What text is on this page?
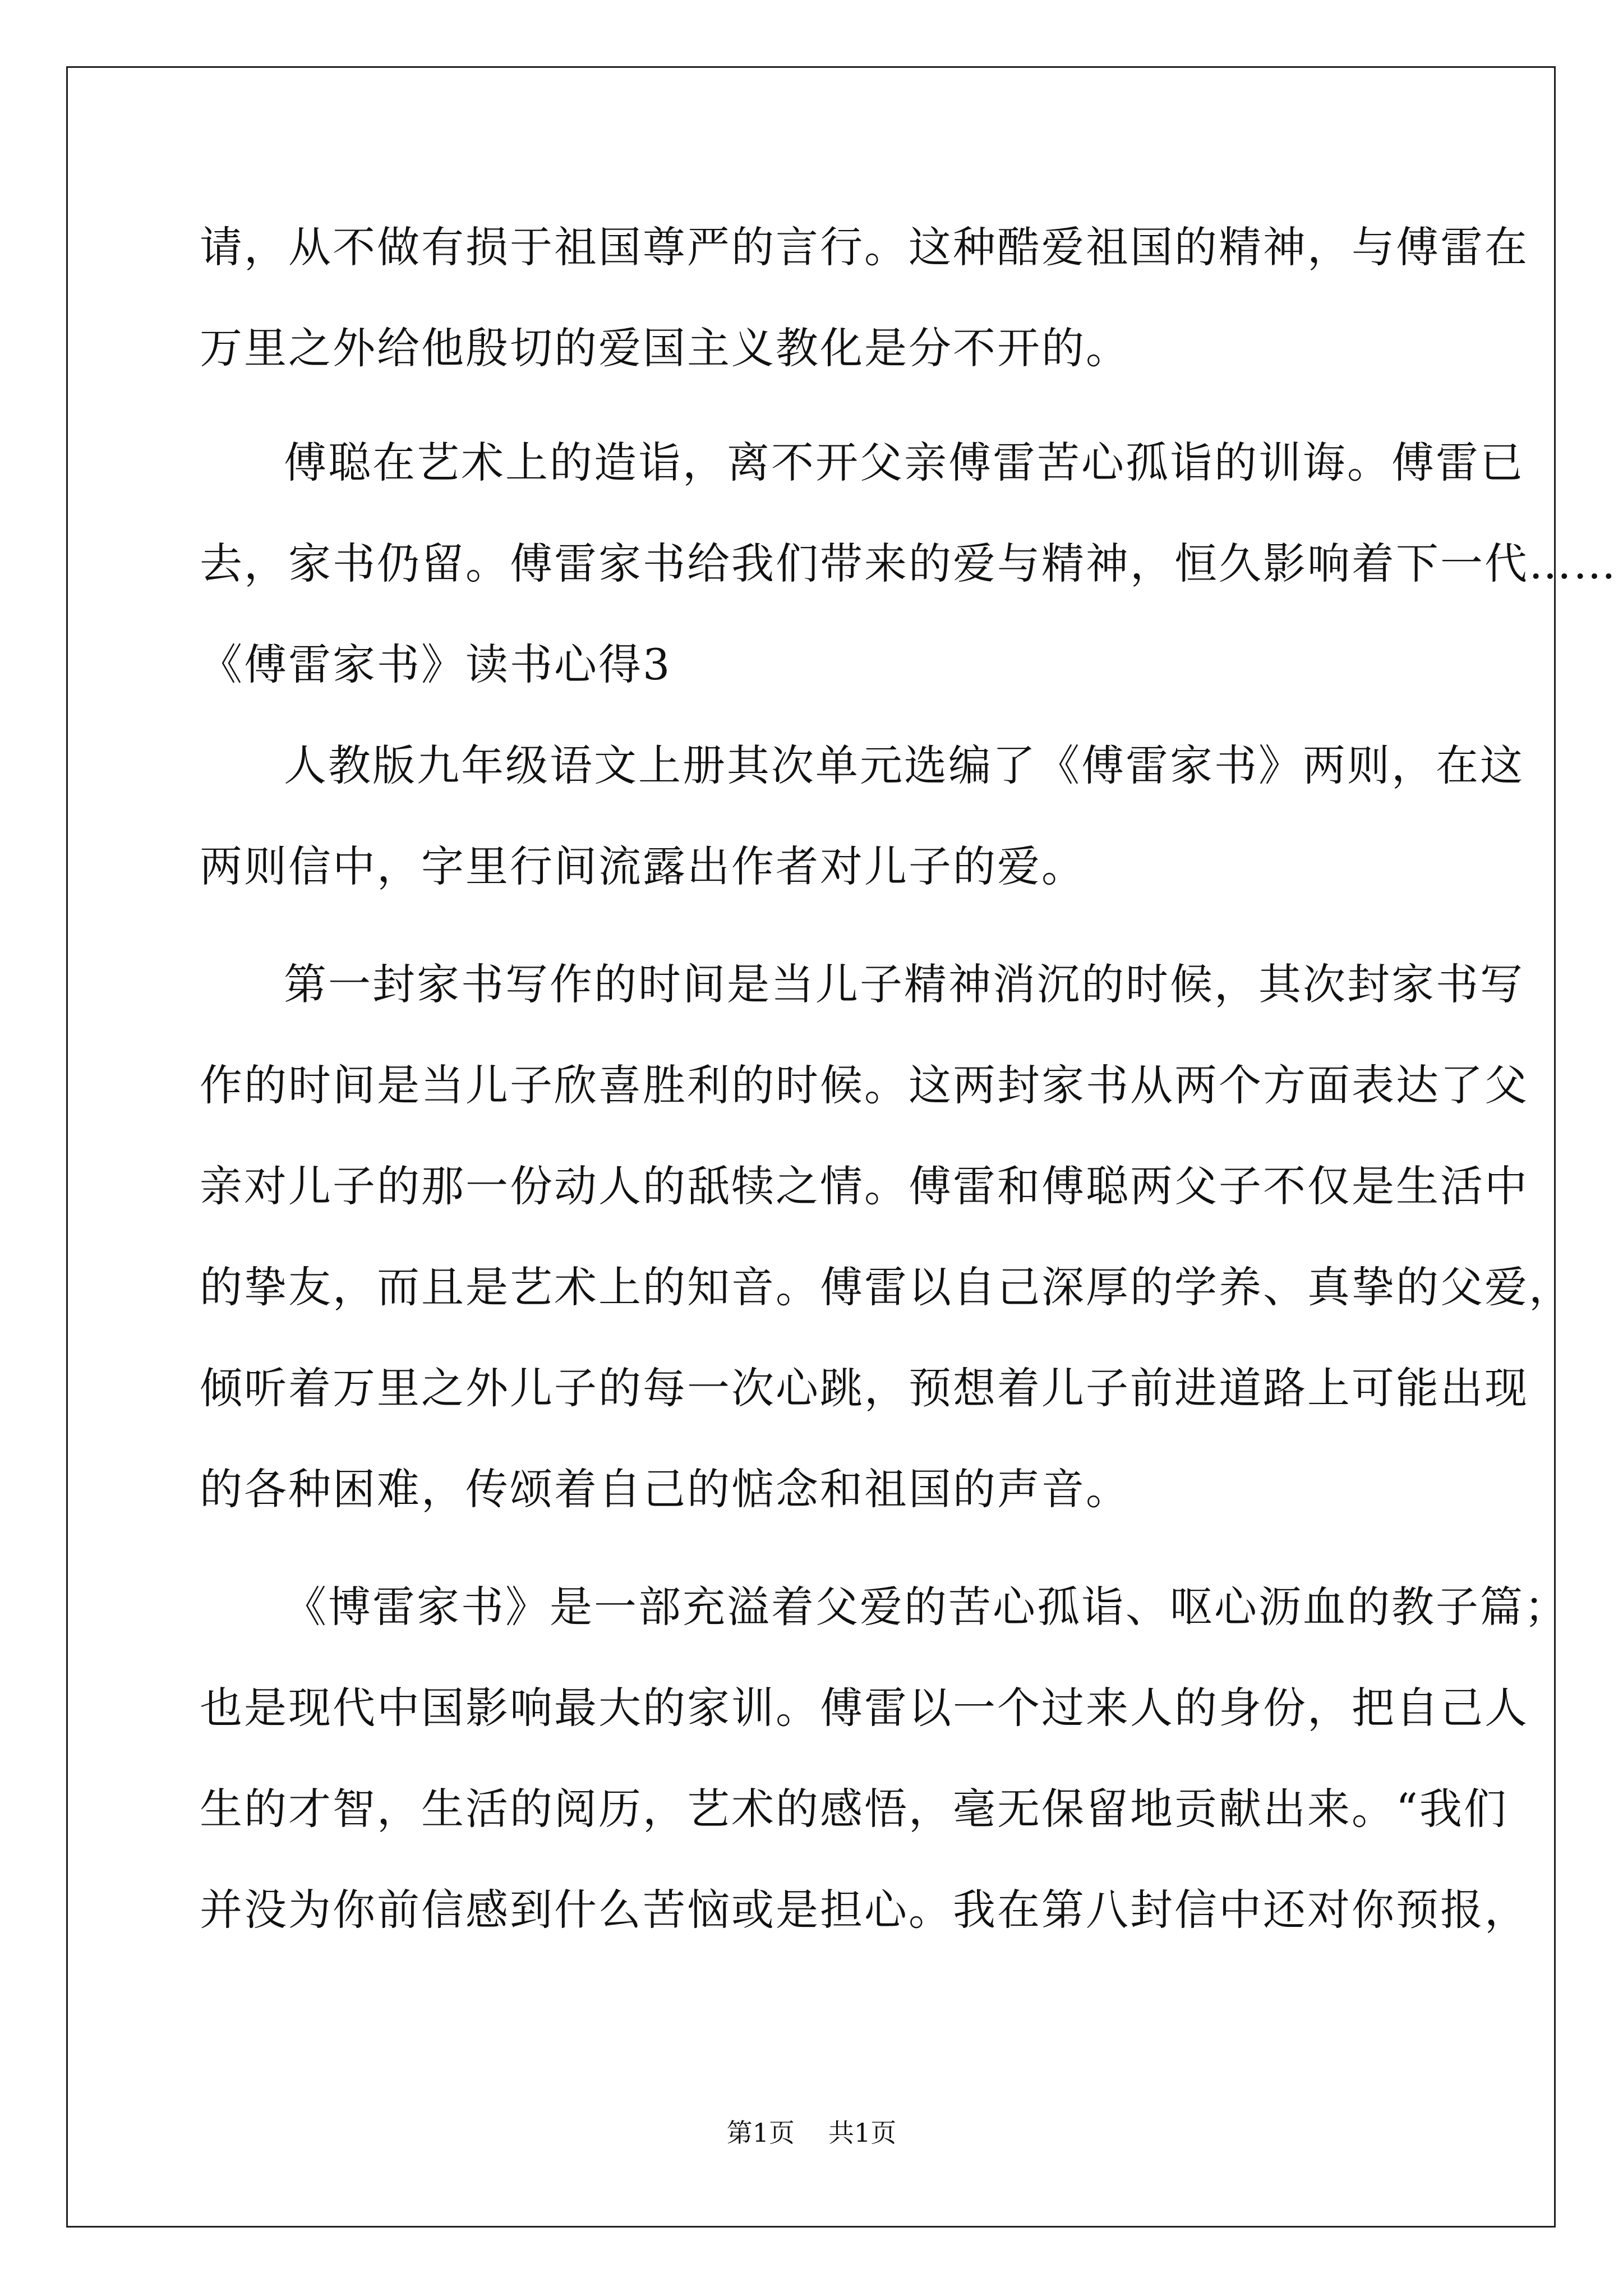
请，从不做有损于祖国尊严的言行。这种酷爱祖国的精神，与傅雷在
万里之外给他殷切的爱国主义教化是分不开的。
傅聪在艺术上的造诣，离不开父亲傅雷苦心孤诣的训诲。傅雷已
去，家书仍留。傅雷家书给我们带来的爱与精神，恒久影响着下一代……
《傅雷家书》读书心得3
人教版九年级语文上册其次单元选编了《傅雷家书》两则，在这
两则信中，字里行间流露出作者对儿子的爱。
第一封家书写作的时间是当儿子精神消沉的时候，其次封家书写
作的时间是当儿子欣喜胜利的时候。这两封家书从两个方面表达了父
亲对儿子的那一份动人的舐犊之情。傅雷和傅聪两父子不仅是生活中
的挚友，而且是艺术上的知音。傅雷以自己深厚的学养、真挚的父爱，
倾听着万里之外儿子的每一次心跳，预想着儿子前进道路上可能出现
的各种困难，传颂着自己的惦念和祖国的声音。
《博雷家书》是一部充溢着父爱的苦心孤诣、呕心沥血的教子篇；
也是现代中国影响最大的家训。傅雷以一个过来人的身份，把自己人
生的才智，生活的阅历，艺术的感悟，毫无保留地贡献出来。“我们
并没为你前信感到什么苦恼或是担心。我在第八封信中还对你预报，
第1页 共1页
